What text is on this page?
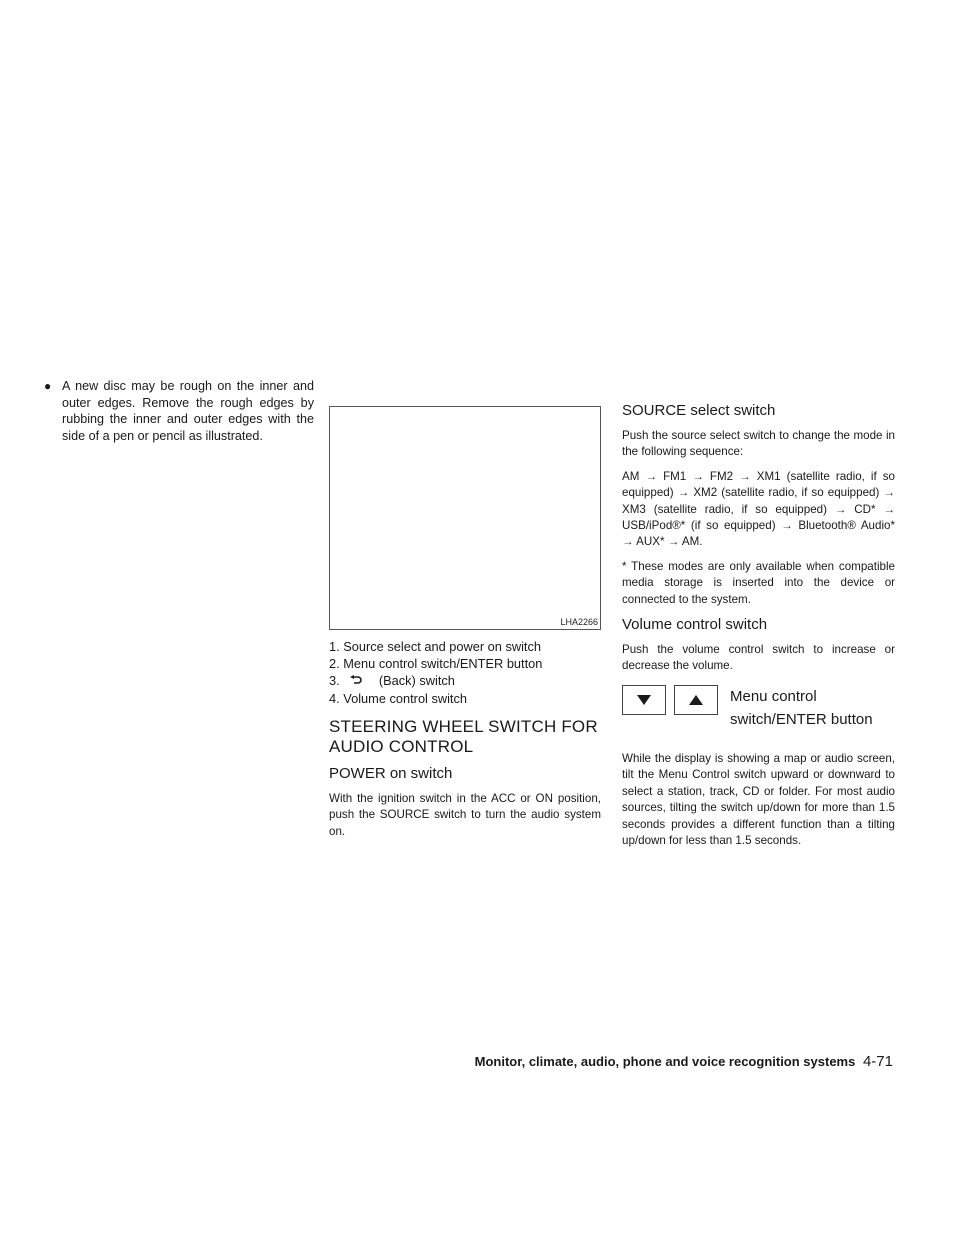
● A new disc may be rough on the inner and outer edges. Remove the rough edges by rubbing the inner and outer edges with the side of a pen or pencil as illustrated.
LHA2266
1. Source select and power on switch
2. Menu control switch/ENTER button
3.	(Back) switch
4. Volume control switch
STEERING WHEEL SWITCH FOR
AUDIO CONTROL
POWER on switch

With the ignition switch in the ACC or ON position, push the SOURCE switch to turn the audio system on.

SOURCE select switch

Push the source select switch to change the mode in the following sequence:

AM → FM1 → FM2 → XM1 (satellite radio, if so equipped) → XM2 (satellite radio, if so equipped) → XM3 (satellite radio, if so equipped) → CD* → USB/iPod®* (if so equipped) → Bluetooth® Audio* → AUX* → AM.

* These modes are only available when compatible media storage is inserted into the device or connected to the system.

Volume control switch

Push the volume control switch to increase or decrease the volume.

Menu control
switch/ENTER button

While the display is showing a map or audio screen, tilt the Menu Control switch upward or downward to select a station, track, CD or folder. For most audio sources, tilting the switch up/down for more than 1.5 seconds provides a different function than a tilting up/down for less than 1.5 seconds.

Monitor, climate, audio, phone and voice recognition systems 4-71
